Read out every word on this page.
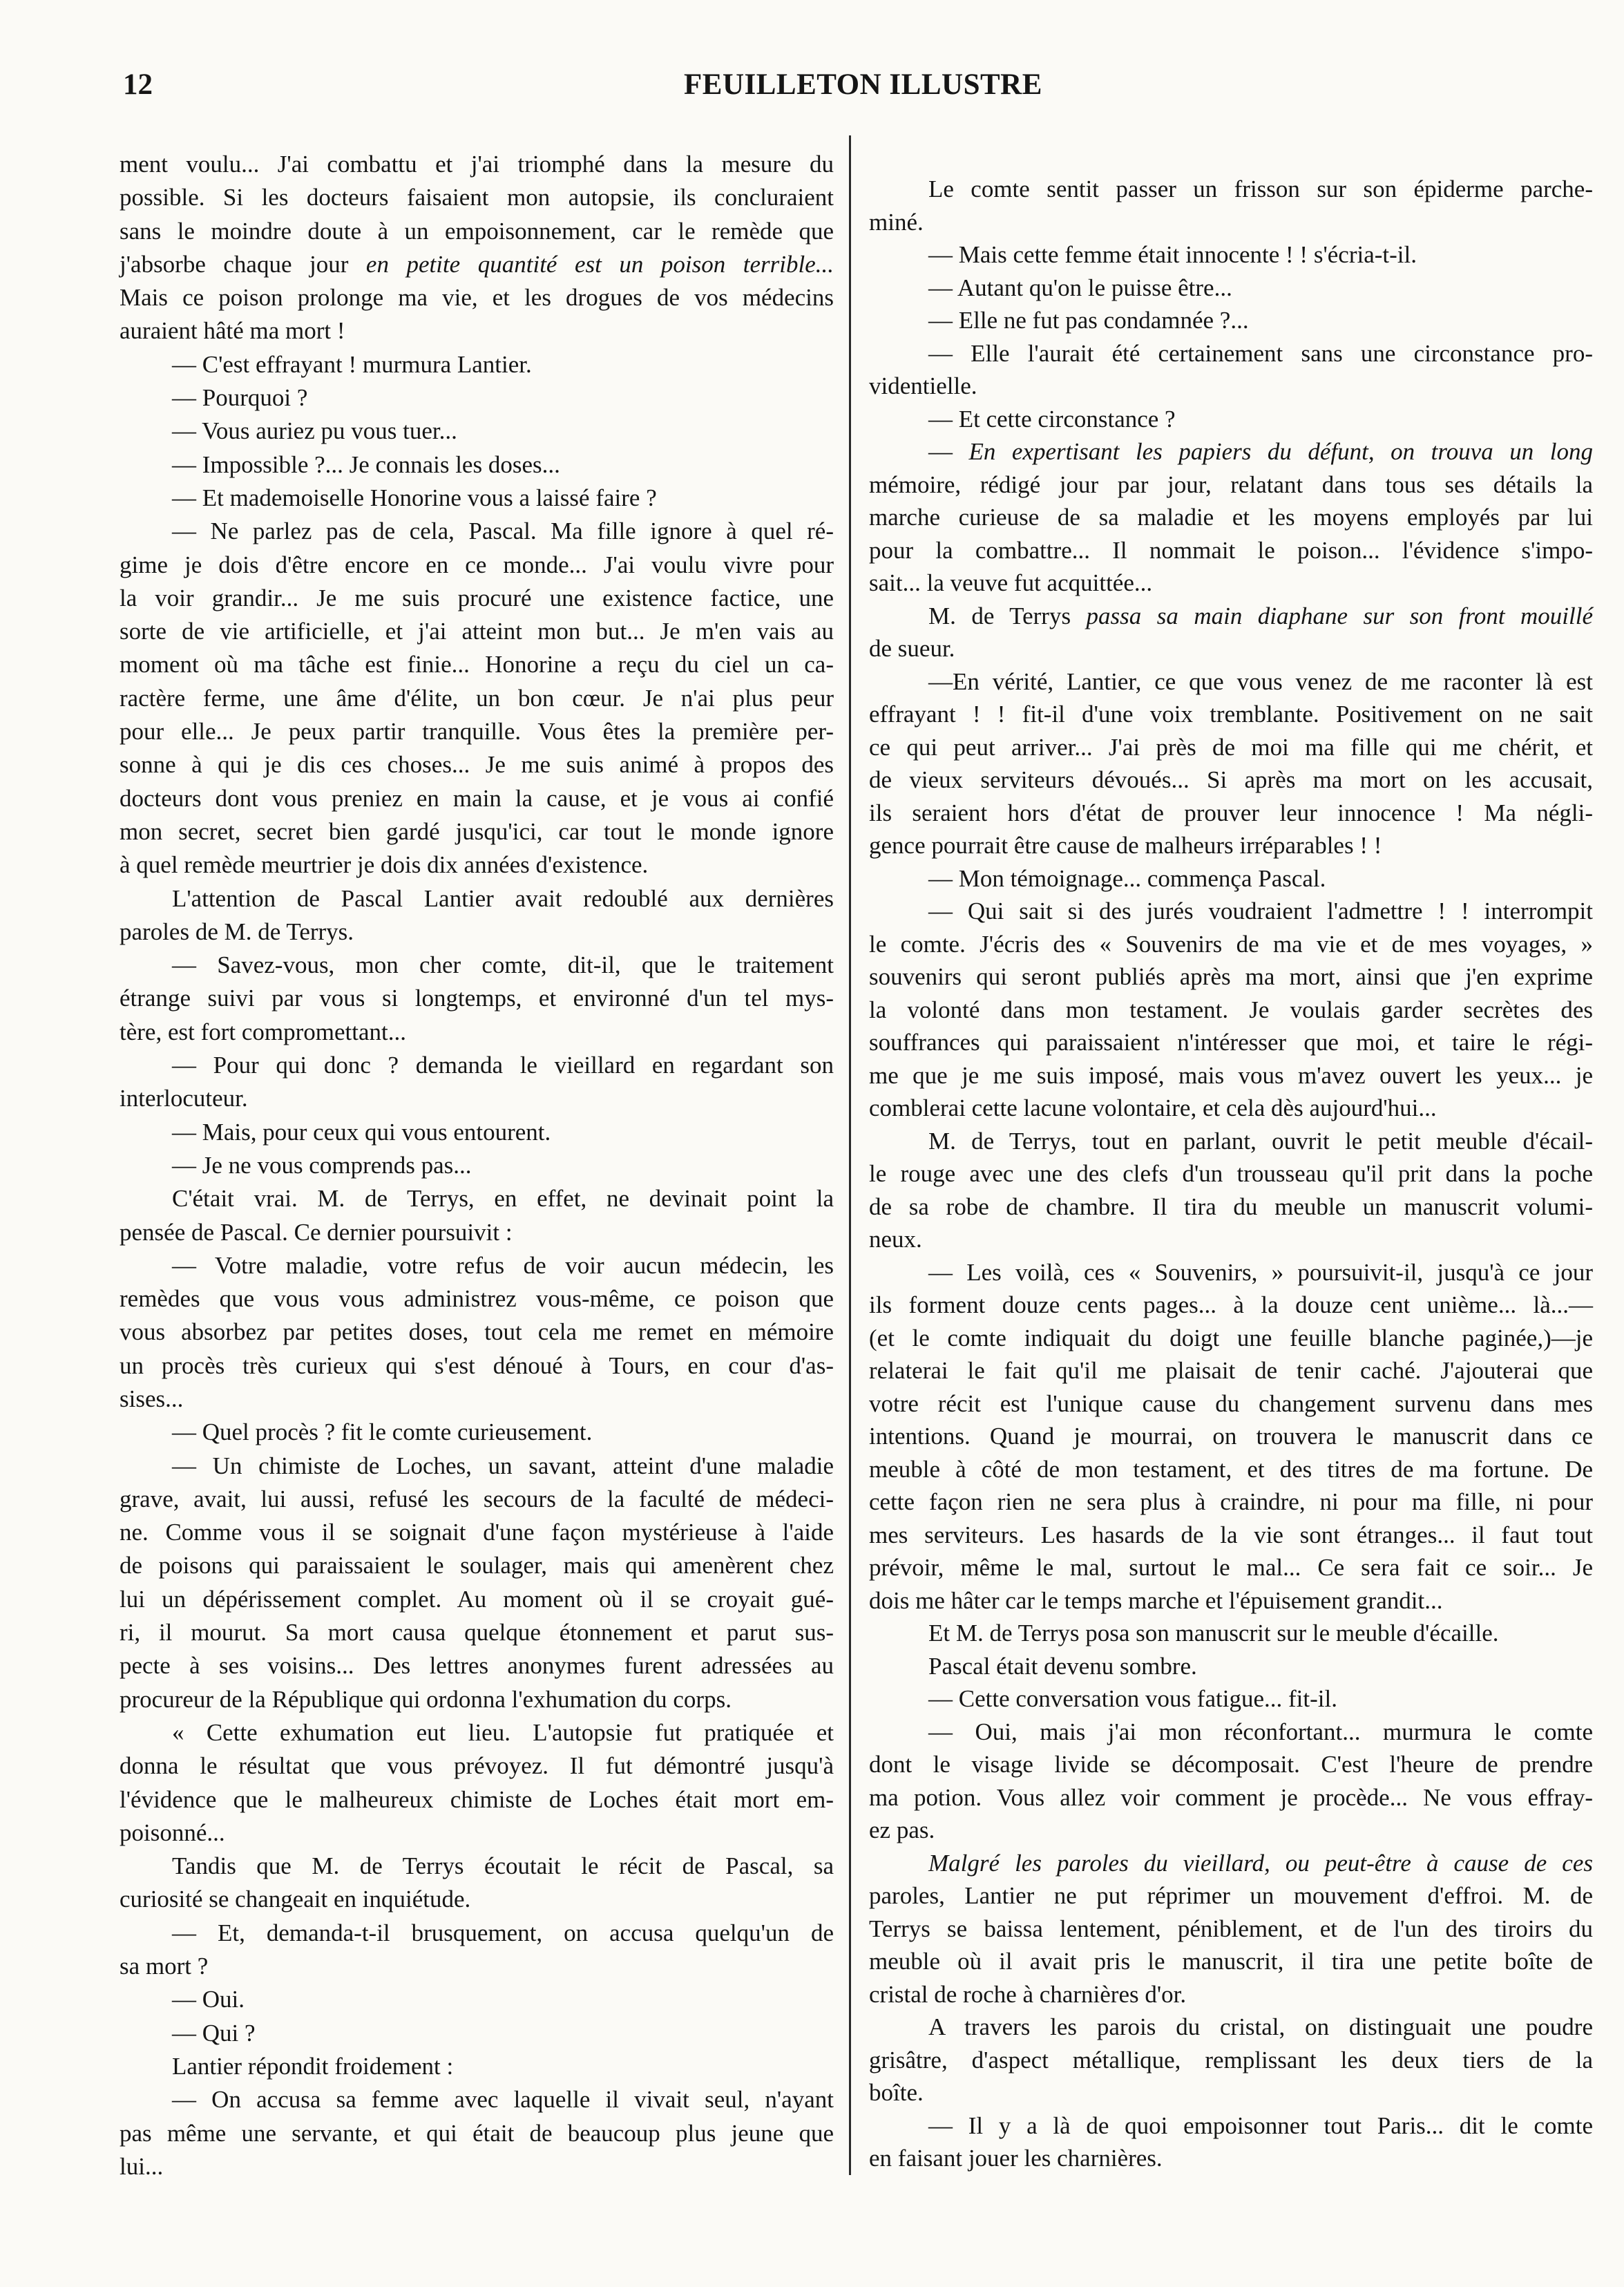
12	FEUILLETON ILLUSTRE
ment voulu... J'ai combattu et j'ai triomphé dans la mesure du
possible. Si les docteurs faisaient mon autopsie, ils concluraient
sans le moindre doute à un empoisonnement, car le remède que
j'absorbe chaque jour en petite quantité est un poison terrible...
Mais ce poison prolonge ma vie, et les drogues de vos médecins
auraient hâté ma mort !
— C'est effrayant ! murmura Lantier.
— Pourquoi ?
— Vous auriez pu vous tuer...
— Impossible ?... Je connais les doses...
— Et mademoiselle Honorine vous a laissé faire ?
— Ne parlez pas de cela, Pascal. Ma fille ignore à quel ré-
gime je dois d'être encore en ce monde... J'ai voulu vivre pour
la voir grandir... Je me suis procuré une existence factice, une
sorte de vie artificielle, et j'ai atteint mon but... Je m'en vais au
moment où ma tâche est finie... Honorine a reçu du ciel un ca-
ractère ferme, une âme d'élite, un bon cœur. Je n'ai plus peur
pour elle... Je peux partir tranquille. Vous êtes la première per-
sonne à qui je dis ces choses... Je me suis animé à propos des
docteurs dont vous preniez en main la cause, et je vous ai confié
mon secret, secret bien gardé jusqu'ici, car tout le monde ignore
à quel remède meurtrier je dois dix années d'existence.
L'attention de Pascal Lantier avait redoublé aux dernières
paroles de M. de Terrys.
— Savez-vous, mon cher comte, dit-il, que le traitement
étrange suivi par vous si longtemps, et environné d'un tel mys-
tère, est fort compromettant...
— Pour qui donc ? demanda le vieillard en regardant son
interlocuteur.
— Mais, pour ceux qui vous entourent.
— Je ne vous comprends pas...
C'était vrai. M. de Terrys, en effet, ne devinait point la
pensée de Pascal. Ce dernier poursuivit :
— Votre maladie, votre refus de voir aucun médecin, les
remèdes que vous vous administrez vous-même, ce poison que
vous absorbez par petites doses, tout cela me remet en mémoire
un procès très curieux qui s'est dénoué à Tours, en cour d'as-
sises...
— Quel procès ? fit le comte curieusement.
— Un chimiste de Loches, un savant, atteint d'une maladie
grave, avait, lui aussi, refusé les secours de la faculté de médeci-
ne. Comme vous il se soignait d'une façon mystérieuse à l'aide
de poisons qui paraissaient le soulager, mais qui amenèrent chez
lui un dépérissement complet. Au moment où il se croyait gué-
ri, il mourut. Sa mort causa quelque étonnement et parut sus-
pecte à ses voisins... Des lettres anonymes furent adressées au
procureur de la République qui ordonna l'exhumation du corps.
« Cette exhumation eut lieu. L'autopsie fut pratiquée et
donna le résultat que vous prévoyez. Il fut démontré jusqu'à
l'évidence que le malheureux chimiste de Loches était mort em-
poisonné...
Tandis que M. de Terrys écoutait le récit de Pascal, sa
curiosité se changeait en inquiétude.
— Et, demanda-t-il brusquement, on accusa quelqu'un de
sa mort ?
— Oui.
— Qui ?
Lantier répondit froidement :
— On accusa sa femme avec laquelle il vivait seul, n'ayant
pas même une servante, et qui était de beaucoup plus jeune que
lui...
Le comte sentit passer un frisson sur son épiderme parche-
miné.
— Mais cette femme était innocente ! ! s'écria-t-il.
— Autant qu'on le puisse être...
— Elle ne fut pas condamnée ?...
— Elle l'aurait été certainement sans une circonstance pro-
videntielle.
— Et cette circonstance ?
— En expertisant les papiers du défunt, on trouva un long
mémoire, rédigé jour par jour, relatant dans tous ses détails la
marche curieuse de sa maladie et les moyens employés par lui
pour la combattre... Il nommait le poison... l'évidence s'impo-
sait... la veuve fut acquittée...
M. de Terrys passa sa main diaphane sur son front mouillé
de sueur.
—En vérité, Lantier, ce que vous venez de me raconter là est
effrayant ! ! fit-il d'une voix tremblante. Positivement on ne sait
ce qui peut arriver... J'ai près de moi ma fille qui me chérit, et
de vieux serviteurs dévoués... Si après ma mort on les accusait,
ils seraient hors d'état de prouver leur innocence ! Ma négli-
gence pourrait être cause de malheurs irréparables ! !
— Mon témoignage... commença Pascal.
— Qui sait si des jurés voudraient l'admettre ! ! interrompit
le comte. J'écris des « Souvenirs de ma vie et de mes voyages, »
souvenirs qui seront publiés après ma mort, ainsi que j'en exprime
la volonté dans mon testament. Je voulais garder secrètes des
souffrances qui paraissaient n'intéresser que moi, et taire le régi-
me que je me suis imposé, mais vous m'avez ouvert les yeux... je
comblerai cette lacune volontaire, et cela dès aujourd'hui...
M. de Terrys, tout en parlant, ouvrit le petit meuble d'écail-
le rouge avec une des clefs d'un trousseau qu'il prit dans la poche
de sa robe de chambre. Il tira du meuble un manuscrit volumi-
neux.
— Les voilà, ces « Souvenirs, » poursuivit-il, jusqu'à ce jour
ils forment douze cents pages... à la douze cent unième... là...—
(et le comte indiquait du doigt une feuille blanche paginée,)—je
relaterai le fait qu'il me plaisait de tenir caché. J'ajouterai que
votre récit est l'unique cause du changement survenu dans mes
intentions. Quand je mourrai, on trouvera le manuscrit dans ce
meuble à côté de mon testament, et des titres de ma fortune. De
cette façon rien ne sera plus à craindre, ni pour ma fille, ni pour
mes serviteurs. Les hasards de la vie sont étranges... il faut tout
prévoir, même le mal, surtout le mal... Ce sera fait ce soir... Je
dois me hâter car le temps marche et l'épuisement grandit...
Et M. de Terrys posa son manuscrit sur le meuble d'écaille.
Pascal était devenu sombre.
— Cette conversation vous fatigue... fit-il.
— Oui, mais j'ai mon réconfortant... murmura le comte
dont le visage livide se décomposait. C'est l'heure de prendre
ma potion. Vous allez voir comment je procède... Ne vous effray-
ez pas.
Malgré les paroles du vieillard, ou peut-être à cause de ces
paroles, Lantier ne put réprimer un mouvement d'effroi. M. de
Terrys se baissa lentement, péniblement, et de l'un des tiroirs du
meuble où il avait pris le manuscrit, il tira une petite boîte de
cristal de roche à charnières d'or.
A travers les parois du cristal, on distinguait une poudre
grisâtre, d'aspect métallique, remplissant les deux tiers de la
boîte.
— Il y a là de quoi empoisonner tout Paris... dit le comte
en faisant jouer les charnières.
